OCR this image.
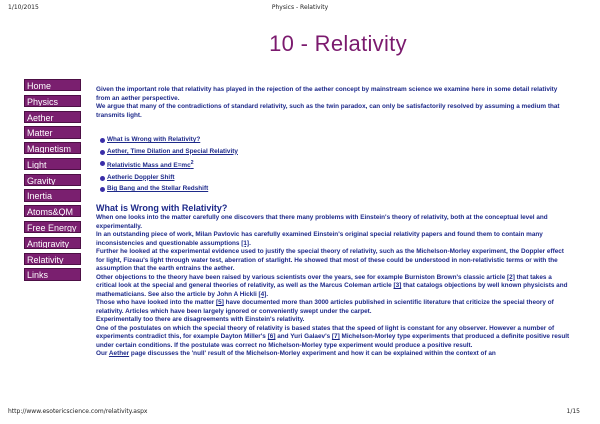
1/10/2015	Physics - Relativity
10 - Relativity
Home
Physics
Aether
Matter
Magnetism
Light
Gravity
Inertia
Atoms&QM
Free Energy
Antigravity
Relativity
Links

Given the important role that relativity has played in the rejection of the aether concept by mainstream science we examine here in some detail relativity from an aether perspective.

We argue that many of the contradictions of standard relativity, such as the twin paradox, can only be satisfactorily resolved by assuming a medium that transmits light.

What is Wrong with Relativity?
Aether, Time Dilation and Special Relativity
Relativistic Mass and $E=mc^2$
Aetheric Doppler Shift
Big Bang and the Stellar Redshift
What is Wrong with Relativity?

When one looks into the matter carefully one discovers that there many problems with Einstein's theory of relativity, both at the conceptual level and experimentally.

In an outstanding piece of work, Milan Pavlovic has carefully examined Einstein's original special relativity papers and found them to contain many inconsistencies and questionable assumptions [1].

Further he looked at the experimental evidence used to justify the special theory of relativity, such as the Michelson-Morley experiment, the Doppler effect for light, Fizeau's light through water test, aberration of starlight. He showed that most of these could be understood in non-relativistic terms or with the assumption that the earth entrains the aether.

Other objections to the theory have been raised by various scientists over the years, see for example Burniston Brown's classic article [2] that takes a critical look at the special and general theories of relativity, as well as the Marcus Coleman article [3] that catalogs objections by well known physicists and mathematicians. See also the article by John A Hickli [4].

Those who have looked into the matter [5] have documented more than 3000 articles published in scientific literature that criticize the special theory of relativity. Articles which have been largely ignored or conveniently swept under the carpet.

Experimentally too there are disagreements with Einstein's relativity.

One of the postulates on which the special theory of relativity is based states that the speed of light is constant for any observer. However a number of experiments contradict this, for example Dayton Miller's [6] and Yuri Galaev's [7] Michelson-Morley type experiments that produced a definite positive result under certain conditions. If the postulate was correct no Michelson-Morley type experiment would produce a positive result.

Our Aether page discusses the 'null' result of the Michelson-Morley experiment and how it can be explained within the context of an

http://www.esotericscience.com/relativity.aspx	1/15
